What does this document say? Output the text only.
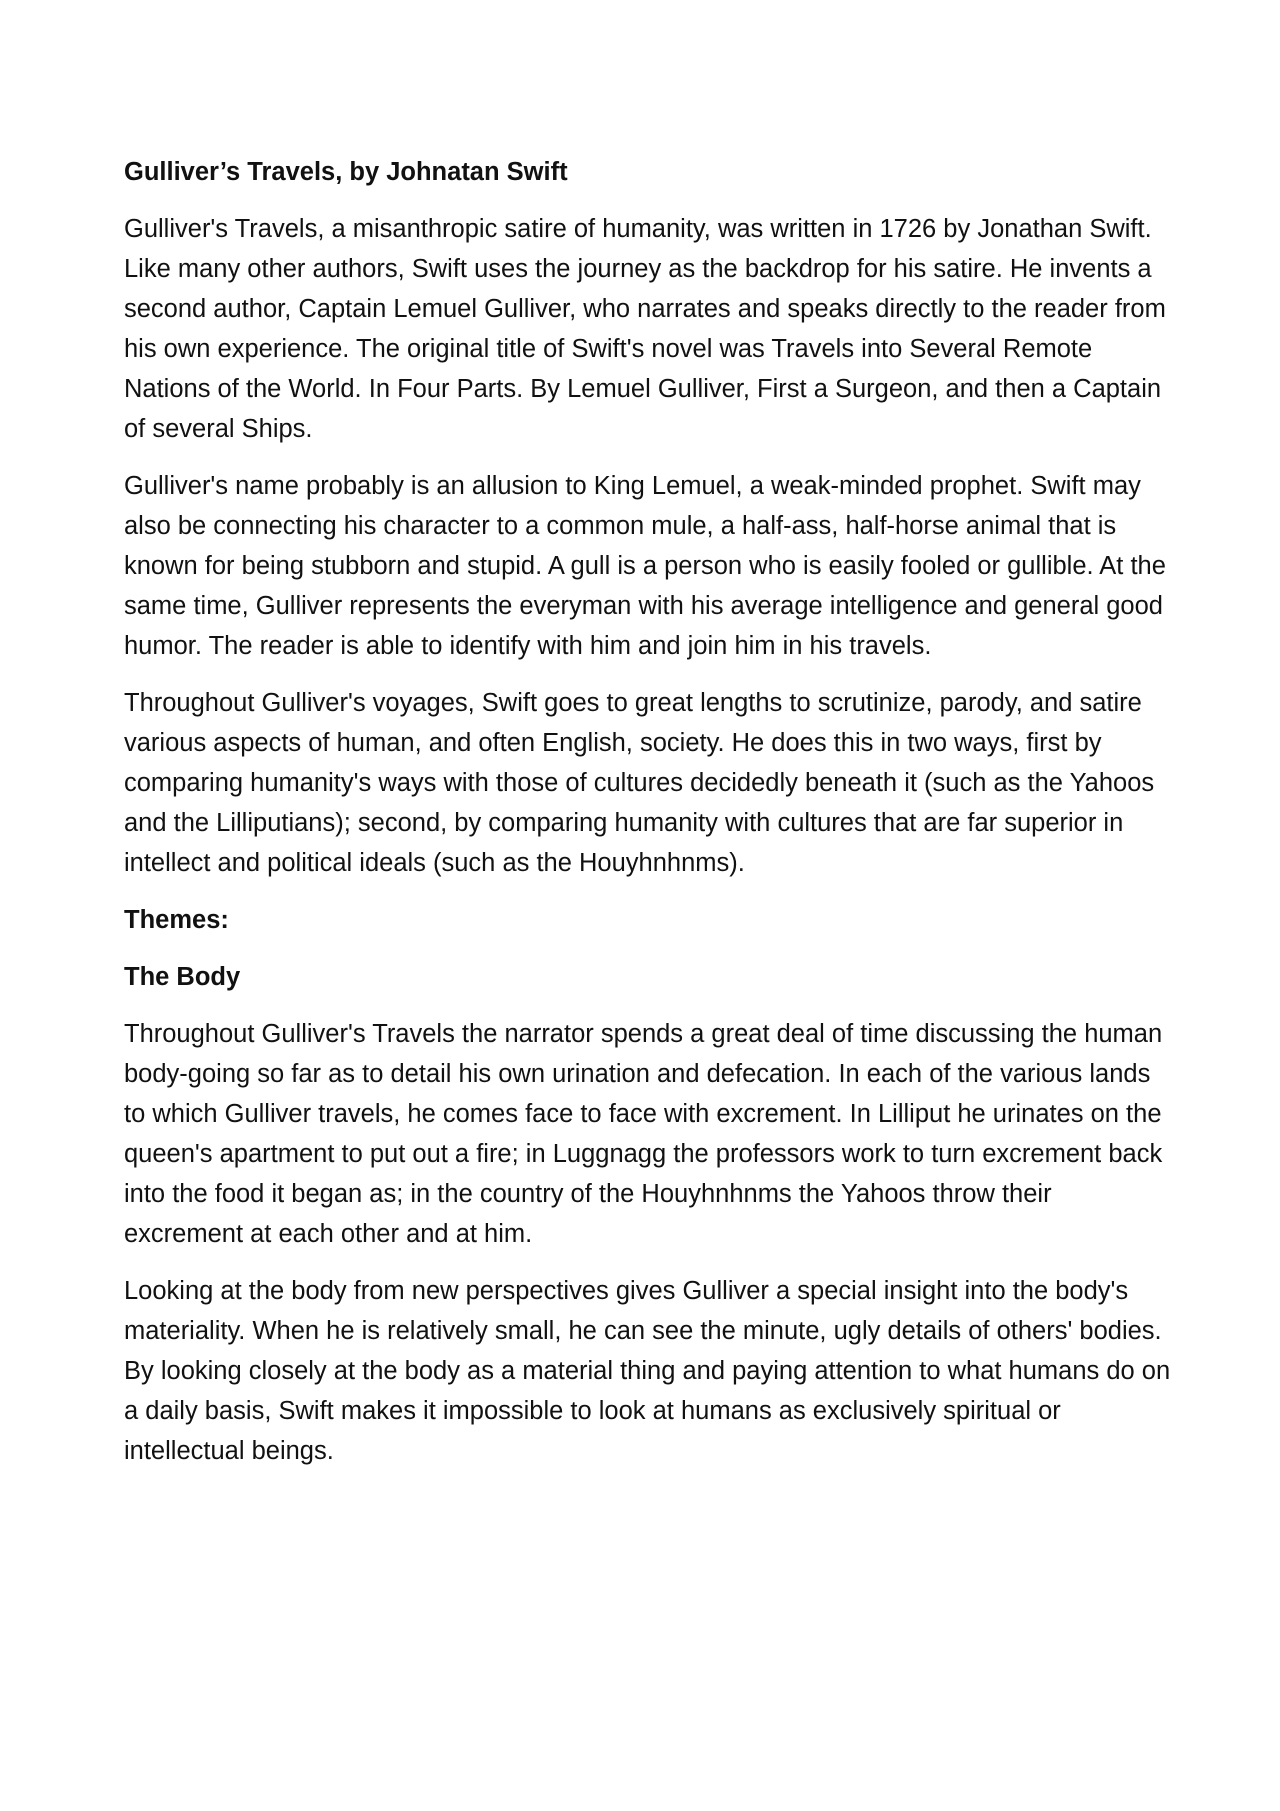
Gulliver’s Travels, by Johnatan Swift

Gulliver's Travels, a misanthropic satire of humanity, was written in 1726 by Jonathan Swift. Like many other authors, Swift uses the journey as the backdrop for his satire. He invents a second author, Captain Lemuel Gulliver, who narrates and speaks directly to the reader from his own experience. The original title of Swift's novel was Travels into Several Remote Nations of the World. In Four Parts. By Lemuel Gulliver, First a Surgeon, and then a Captain of several Ships.

Gulliver's name probably is an allusion to King Lemuel, a weak-minded prophet. Swift may also be connecting his character to a common mule, a half-ass, half-horse animal that is known for being stubborn and stupid. A gull is a person who is easily fooled or gullible. At the same time, Gulliver represents the everyman with his average intelligence and general good humor. The reader is able to identify with him and join him in his travels.

Throughout Gulliver's voyages, Swift goes to great lengths to scrutinize, parody, and satire various aspects of human, and often English, society. He does this in two ways, first by comparing humanity's ways with those of cultures decidedly beneath it (such as the Yahoos and the Lilliputians); second, by comparing humanity with cultures that are far superior in intellect and political ideals (such as the Houyhnhnms).

Themes:

The Body

Throughout Gulliver's Travels the narrator spends a great deal of time discussing the human body-going so far as to detail his own urination and defecation. In each of the various lands to which Gulliver travels, he comes face to face with excrement. In Lilliput he urinates on the queen's apartment to put out a fire; in Luggnagg the professors work to turn excrement back into the food it began as; in the country of the Houyhnhnms the Yahoos throw their excrement at each other and at him.

Looking at the body from new perspectives gives Gulliver a special insight into the body's materiality. When he is relatively small, he can see the minute, ugly details of others' bodies. By looking closely at the body as a material thing and paying attention to what humans do on a daily basis, Swift makes it impossible to look at humans as exclusively spiritual or intellectual beings.
